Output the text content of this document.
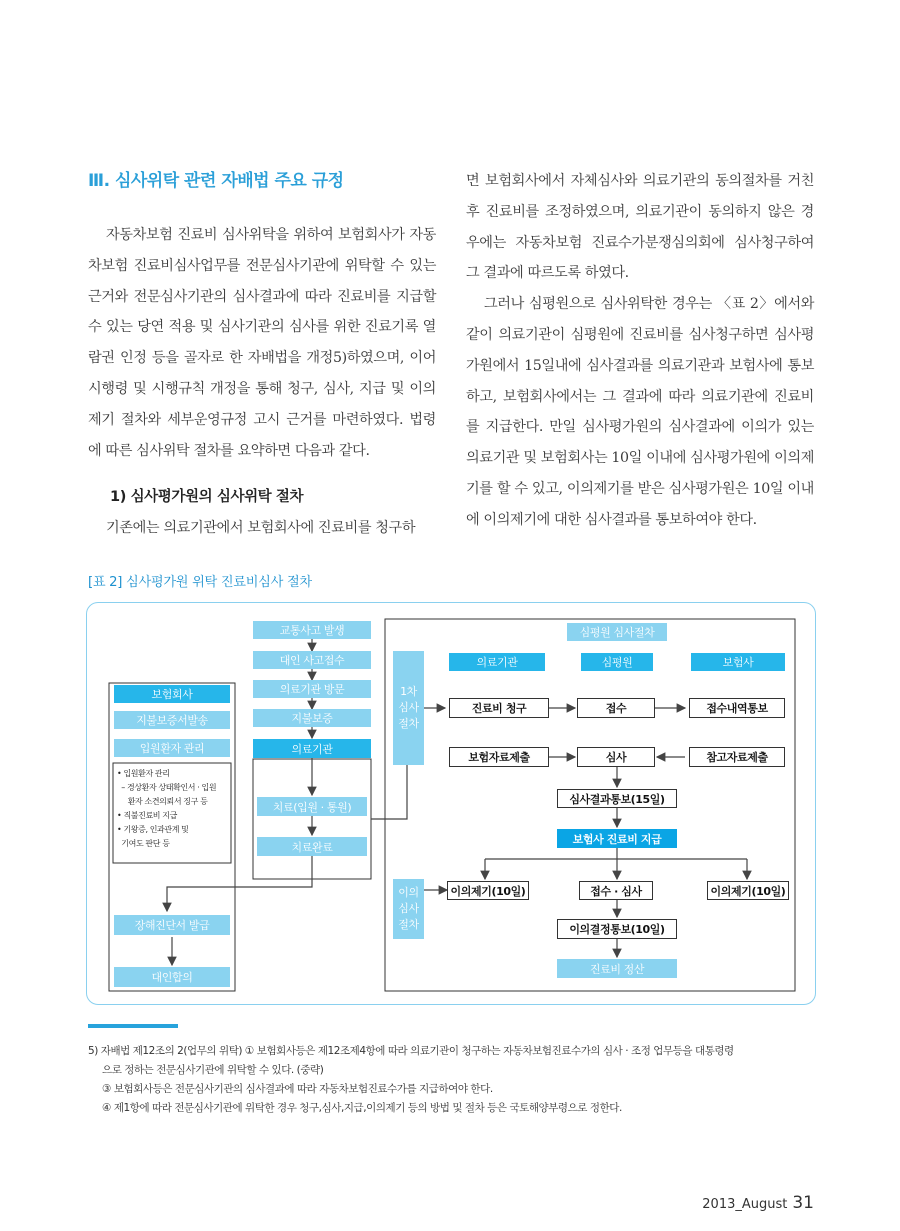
Ⅲ. 심사위탁 관련 자배법 주요 규정

자동차보험 진료비 심사위탁을 위하여 보험회사가 자동차보험 진료비심사업무를 전문심사기관에 위탁할 수 있는 근거와 전문심사기관의 심사결과에 따라 진료비를 지급할 수 있는 당연 적용 및 심사기관의 심사를 위한 진료기록 열람권 인정 등을 골자로 한 자배법을 개정5)하였으며, 이어 시행령 및 시행규칙 개정을 통해 청구, 심사, 지급 및 이의제기 절차와 세부운영규정 고시 근거를 마련하였다. 법령에 따른 심사위탁 절차를 요약하면 다음과 같다.

1) 심사평가원의 심사위탁 절차

기존에는 의료기관에서 보험회사에 진료비를 청구하

면 보험회사에서 자체심사와 의료기관의 동의절차를 거친 후 진료비를 조정하였으며, 의료기관이 동의하지 않은 경우에는 자동차보험 진료수가분쟁심의회에 심사청구하여 그 결과에 따르도록 하였다.

그러나 심평원으로 심사위탁한 경우는 〈표 2〉에서와 같이 의료기관이 심평원에 진료비를 심사청구하면 심사평가원에서 15일내에 심사결과를 의료기관과 보험사에 통보하고, 보험회사에서는 그 결과에 따라 의료기관에 진료비를 지급한다. 만일 심사평가원의 심사결과에 이의가 있는 의료기관 및 보험회사는 10일 이내에 심사평가원에 이의제기를 할 수 있고, 이의제기를 받은 심사평가원은 10일 이내에 이의제기에 대한 심사결과를 통보하여야 한다.

[표 2] 심사평가원 위탁 진료비심사 절차
보험회사
지불보증서발송
입원환자 관리
• 입원환자 관리
– 경상환자 상태확인서 · 입원
환자 소견의뢰서 징구 등
• 직불진료비 지급
• 기왕증, 인과관계 및
기여도 판단 등
장해진단서 발급
대인합의
교통사고 발생
대인 사고접수
의료기관 방문
지불보증
의료기관
치료(입원 · 통원)
치료완료
1차
심사
절차
이의
심사
절차
심평원 심사절차
의료기관	심평원	보험사
진료비 청구	접수	접수내역통보
보험자료제출	심사	참고자료제출
심사결과통보(15일)
보험사 진료비 지급
이의제기(10일)	접수 · 심사	이의제기(10일)
이의결정통보(10일)
진료비 정산
5) 자배법 제12조의 2(업무의 위탁) ① 보험회사등은 제12조제4항에 따라 의료기관이 청구하는 자동차보험진료수가의 심사 · 조정 업무등을 대통령령
으로 정하는 전문심사기관에 위탁할 수 있다. (중략)
③ 보험회사등은 전문심사기관의 심사결과에 따라 자동차보험진료수가를 지급하여야 한다.
④ 제1항에 따라 전문심사기관에 위탁한 경우 청구,심사,지급,이의제기 등의 방법 및 절차 등은 국토해양부령으로 정한다.
2013_August 31
